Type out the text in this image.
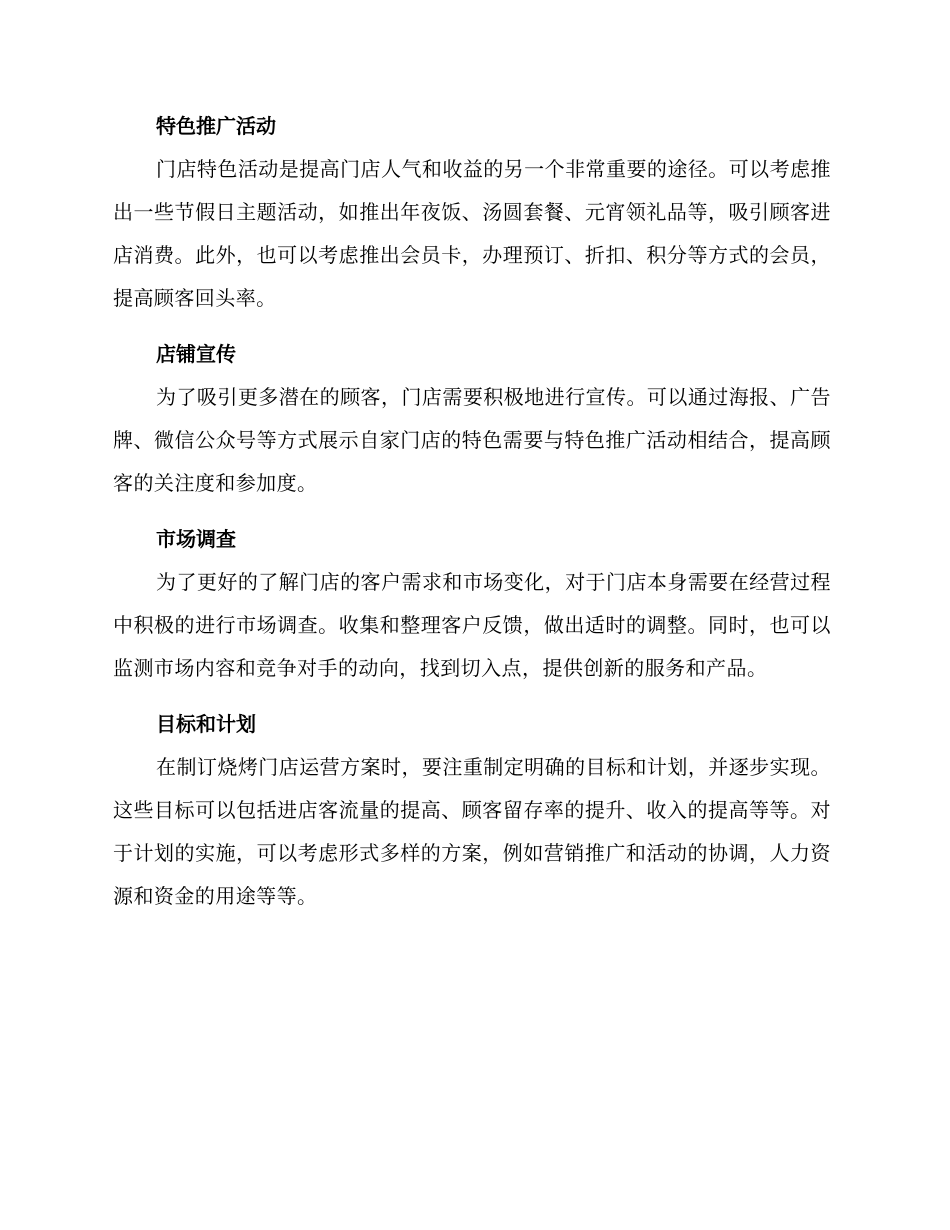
特色推广活动

门店特色活动是提高门店人气和收益的另一个非常重要的途径。可以考虑推出一些节假日主题活动，如推出年夜饭、汤圆套餐、元宵领礼品等，吸引顾客进店消费。此外，也可以考虑推出会员卡，办理预订、折扣、积分等方式的会员，提高顾客回头率。

店铺宣传

为了吸引更多潜在的顾客，门店需要积极地进行宣传。可以通过海报、广告牌、微信公众号等方式展示自家门店的特色需要与特色推广活动相结合，提高顾客的关注度和参加度。

市场调查

为了更好的了解门店的客户需求和市场变化，对于门店本身需要在经营过程中积极的进行市场调查。收集和整理客户反馈，做出适时的调整。同时，也可以监测市场内容和竞争对手的动向，找到切入点，提供创新的服务和产品。

目标和计划

在制订烧烤门店运营方案时，要注重制定明确的目标和计划，并逐步实现。这些目标可以包括进店客流量的提高、顾客留存率的提升、收入的提高等等。对于计划的实施，可以考虑形式多样的方案，例如营销推广和活动的协调，人力资源和资金的用途等等。
